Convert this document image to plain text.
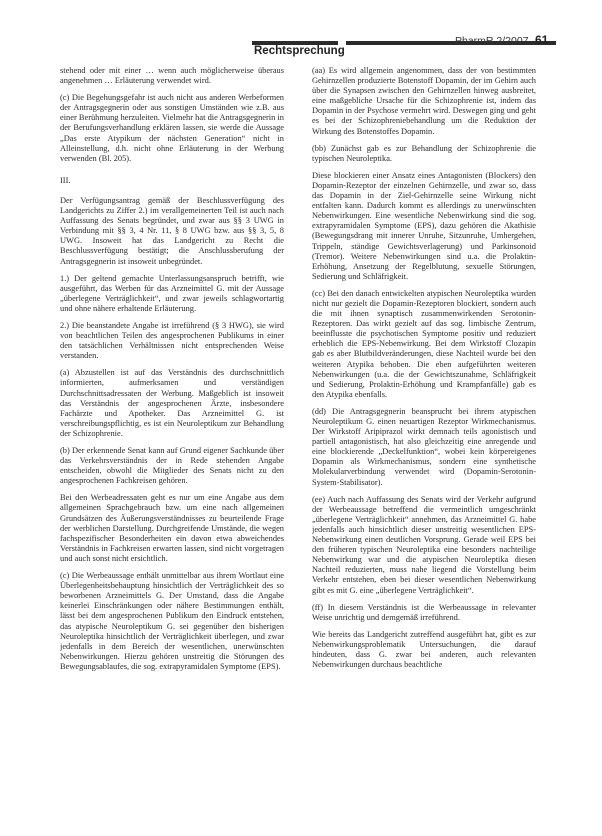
Rechtsprechung
PharmR 2/2007 61

stehend oder mit einer … wenn auch möglicherweise überaus angenehmen … Erläuterung verwendet wird.

(c) Die Begehungsgefahr ist auch nicht aus anderen Werbeformen der Antragsgegnerin oder aus sonstigen Umständen wie z.B. aus einer Berühmung herzuleiten. Vielmehr hat die Antragsgegnerin in der Berufungsverhandlung erklären lassen, sie werde die Aussage „Das erste Atypikum der nächsten Generation“ nicht in Alleinstellung, d.h. nicht ohne Erläuterung in der Werbung verwenden (Bl. 205).

III.

Der Verfügungsantrag gemäß der Beschlussverfügung des Landgerichts zu Ziffer 2.) im verallgemeinerten Teil ist auch nach Auffassung des Senats begründet, und zwar aus §§ 3 UWG in Verbindung mit §§ 3, 4 Nr. 11, § 8 UWG bzw. aus §§ 3, 5, 8 UWG. Insoweit hat das Landgericht zu Recht die Beschlussverfügung bestätigt; die Anschlussberufung der Antragsgegnerin ist insoweit unbegründet.

1.) Der geltend gemachte Unterlassungsanspruch betrifft, wie ausgeführt, das Werben für das Arzneimittel G. mit der Aussage „überlegene Verträglichkeit“, und zwar jeweils schlagwortartig und ohne nähere erhaltende Erläuterung.

2.) Die beanstandete Angabe ist irreführend (§ 3 HWG), sie wird von beachtlichen Teilen des angesprochenen Publikums in einer den tatsächlichen Verhältnissen nicht entsprechenden Weise verstanden.

(a) Abzustellen ist auf das Verständnis des durchschnittlich informierten, aufmerksamen und verständigen Durchschnittsadressaten der Werbung. Maßgeblich ist insoweit das Verständnis der angesprochenen Ärzte, insbesondere Fachärzte und Apotheker. Das Arzneimittel G. ist verschreibungspflichtig, es ist ein Neuroleptikum zur Behandlung der Schizophrenie.

(b) Der erkennende Senat kann auf Grund eigener Sachkunde über das Verkehrsverständnis der in Rede stehenden Angabe entscheiden, obwohl die Mitglieder des Senats nicht zu den angesprochenen Fachkreisen gehören.

Bei den Werbeadressaten geht es nur um eine Angabe aus dem allgemeinen Sprachgebrauch bzw. um eine nach allgemeinen Grundsätzen des Äußerungsverständnisses zu beurteilende Frage der werblichen Darstellung. Durchgreifende Umstände, die wegen fachspezifischer Besonderheiten ein davon etwa abweichendes Verständnis in Fachkreisen erwarten lassen, sind nicht vorgetragen und auch sonst nicht ersichtlich.

(c) Die Werbeaussage enthält unmittelbar aus ihrem Wortlaut eine Überlegenheitsbehauptung hinsichtlich der Verträglichkeit des so beworbenen Arzneimittels G. Der Umstand, dass die Angabe keinerlei Einschränkungen oder nähere Bestimmungen enthält, lässt bei dem angesprochenen Publikum den Eindruck entstehen, das atypische Neuroleptikum G. sei gegenüber den bisherigen Neuroleptika hinsichtlich der Verträglichkeit überlegen, und zwar jedenfalls in dem Bereich der wesentlichen, unerwünschten Nebenwirkungen. Hierzu gehören unstreitig die Störungen des Bewegungsablaufes, die sog. extrapyramidalen Symptome (EPS).

(aa) Es wird allgemein angenommen, dass der von bestimmten Gehirnzellen produzierte Botenstoff Dopamin, der im Gehirn auch über die Synapsen zwischen den Gehirnzellen hinweg ausbreitet, eine maßgebliche Ursache für die Schizophrenie ist, indem das Dopamin in der Psychose vermehrt wird. Deswegen ging und geht es bei der Schizophreniebehandlung um die Reduktion der Wirkung des Botenstoffes Dopamin.

(bb) Zunächst gab es zur Behandlung der Schizophrenie die typischen Neuroleptika.

Diese blockieren einer Ansatz eines Antagonisten (Blockers) den Dopamin-Rezeptor der einzelnen Gehirnzelle, und zwar so, dass das Dopamin in der Ziel-Gehirnzelle seine Wirkung nicht entfalten kann. Dadurch kommt es allerdings zu unerwünschten Nebenwirkungen. Eine wesentliche Nebenwirkung sind die sog. extrapyramidalen Symptome (EPS), dazu gehören die Akathisie (Bewegungsdrang mit innerer Unruhe, Sitzunruhe, Umhergehen, Trippeln, ständige Gewichtsverlagerung) und Parkinsonoid (Tremor). Weitere Nebenwirkungen sind u.a. die Prolaktin-Erhöhung, Ansetzung der Regelblutung, sexuelle Störungen, Sedierung und Schläfrigkeit.

(cc) Bei den danach entwickelten atypischen Neuroleptika wurden nicht nur gezielt die Dopamin-Rezeptoren blockiert, sondern auch die mit ihnen synaptisch zusammenwirkenden Serotonin-Rezeptoren. Das wirkt gezielt auf das sog. limbische Zentrum, beeinflusste die psychotischen Symptome positiv und reduziert erheblich die EPS-Nebenwirkung. Bei dem Wirkstoff Clozapin gab es aber Blutbildveränderungen, diese Nachteil wurde bei den weiteren Atypika behoben. Die eben aufgeführten weiteren Nebenwirkungen (u.a. die der Gewichtszunahme, Schläfrigkeit und Sedierung, Prolaktin-Erhöhung und Krampfanfälle) gab es den Atypika ebenfalls.

(dd) Die Antragsgegnerin beansprucht bei ihrem atypischen Neuroleptikum G. einen neuartigen Rezeptor Wirkmechanismus. Der Wirkstoff Aripiprazol wirkt demnach teils agonistisch und partiell antagonistisch, hat also gleichzeitig eine anregende und eine blockierende „Deckelfunktion“, wobei kein körpereigenes Dopamin als Wirkmechanismus, sondern eine synthetische Molekularverbindung verwendet wird (Dopamin-Serotonin-System-Stabilisator).

(ee) Auch nach Auffassung des Senats wird der Verkehr aufgrund der Werbeaussage betreffend die vermeintlich umgeschränkt „überlegene Verträglichkeit“ annehmen, das Arzneimittel G. habe jedenfalls auch hinsichtlich dieser unstreitig wesentlichen EPS-Nebenwirkung einen deutlichen Vorsprung. Gerade weil EPS bei den früheren typischen Neuroleptika eine besonders nachteilige Nebenwirkung war und die atypischen Neuroleptika diesen Nachteil reduzierten, muss nahe liegend die Vorstellung beim Verkehr entstehen, eben bei dieser wesentlichen Nebenwirkung gibt es mit G. eine „überlegene Verträglichkeit“.

(ff) In diesem Verständnis ist die Werbeaussage in relevanter Weise unrichtig und demgemäß irreführend.

Wie bereits das Landgericht zutreffend ausgeführt hat, gibt es zur Nebenwirkungsproblematik Untersuchungen, die darauf hindeuten, dass G. zwar bei anderen, auch relevanten Nebenwirkungen durchaus beachtliche
